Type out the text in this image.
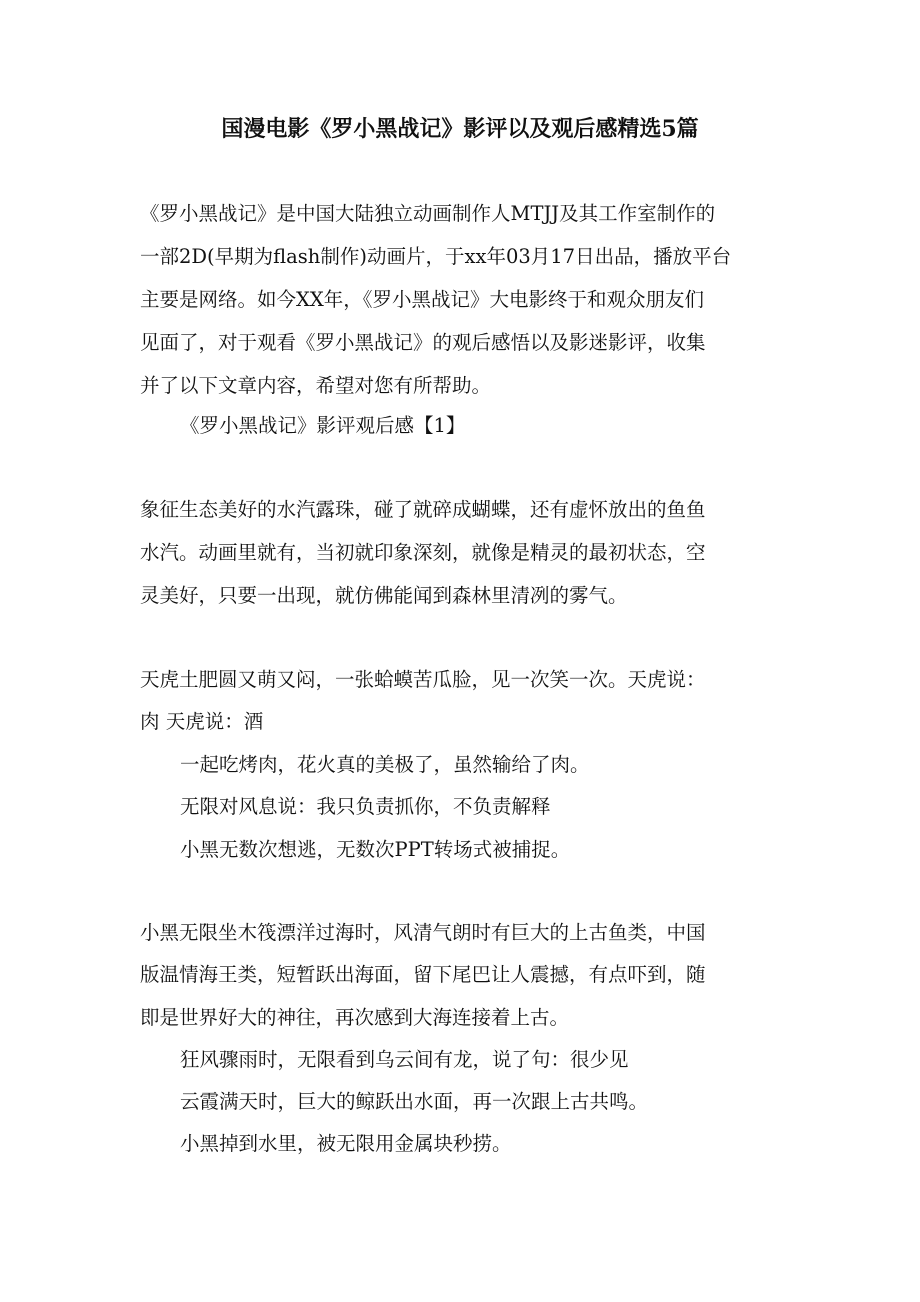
国漫电影《罗小黑战记》影评以及观后感精选5篇
《罗小黑战记》是中国大陆独立动画制作人MTJJ及其工作室制作的
一部2D(早期为flash制作)动画片，于xx年03月17日出品，播放平台
主要是网络。如今XX年，《罗小黑战记》大电影终于和观众朋友们
见面了，对于观看《罗小黑战记》的观后感悟以及影迷影评，收集
并了以下文章内容，希望对您有所帮助。
《罗小黑战记》影评观后感【1】
象征生态美好的水汽露珠，碰了就碎成蝴蝶，还有虚怀放出的鱼鱼
水汽。动画里就有，当初就印象深刻，就像是精灵的最初状态，空
灵美好，只要一出现，就仿佛能闻到森林里清冽的雾气。
天虎土肥圆又萌又闷，一张蛤蟆苦瓜脸，见一次笑一次。天虎说：
肉 天虎说：酒
一起吃烤肉，花火真的美极了，虽然输给了肉。
无限对风息说：我只负责抓你，不负责解释
小黑无数次想逃，无数次PPT转场式被捕捉。
小黑无限坐木筏漂洋过海时，风清气朗时有巨大的上古鱼类，中国
版温情海王类，短暂跃出海面，留下尾巴让人震撼，有点吓到，随
即是世界好大的神往，再次感到大海连接着上古。
狂风骤雨时，无限看到乌云间有龙，说了句：很少见
云霞满天时，巨大的鲸跃出水面，再一次跟上古共鸣。
小黑掉到水里，被无限用金属块秒捞。
